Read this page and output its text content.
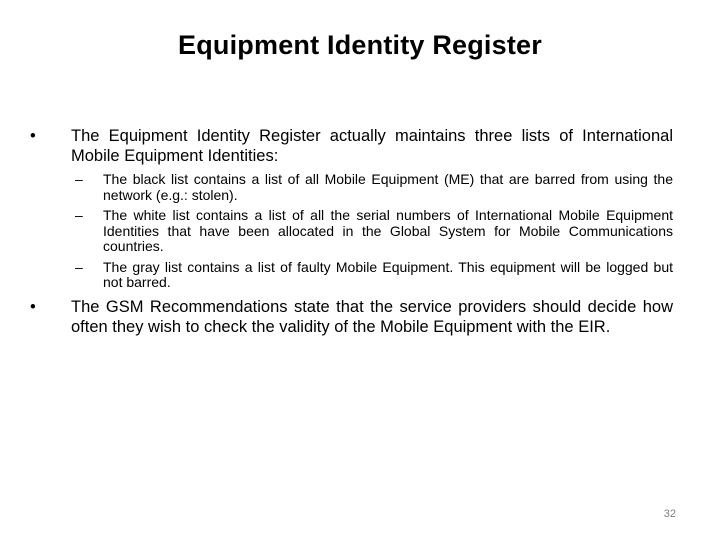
Equipment Identity Register
• The Equipment Identity Register actually maintains three lists of International Mobile Equipment Identities:
– The black list contains a list of all Mobile Equipment (ME) that are barred from using the network (e.g.: stolen).
– The white list contains a list of all the serial numbers of International Mobile Equipment Identities that have been allocated in the Global System for Mobile Communications countries.
– The gray list contains a list of faulty Mobile Equipment. This equipment will be logged but not barred.
• The GSM Recommendations state that the service providers should decide how often they wish to check the validity of the Mobile Equipment with the EIR.
32
